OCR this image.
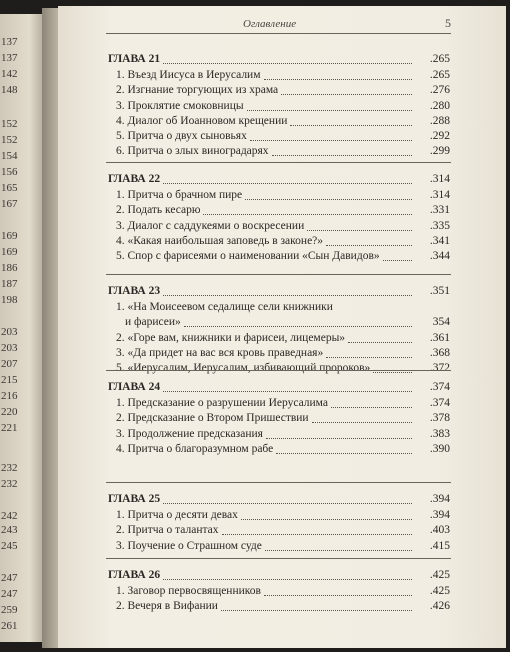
137
137
142
148
152
152
154
156
165
167
169
169
186
187
198
203
203
207
215
216
220
221
232
232
242
243
245
247
247
259
261
Оглавление	5
ГЛАВА 21	.265
1. Въезд Иисуса в Иерусалим	.265
2. Изгнание торгующих из храма	.276
3. Проклятие смоковницы	.280
4. Диалог об Иоанновом крещении	.288
5. Притча о двух сыновьях	.292
6. Притча о злых виноградарях	.299
ГЛАВА 22	.314
1. Притча о брачном пире	.314
2. Подать кесарю	.331
3. Диалог с саддукеями о воскресении	.335
4. «Какая наибольшая заповедь в законе?»	.341
5. Спор с фарисеями о наименовании «Сын Давидов»	.344
ГЛАВА 23	.351
1. «На Моисеевом седалище сели книжники
и фарисеи»	354
2. «Горе вам, книжники и фарисеи, лицемеры»	.361
3. «Да придет на вас вся кровь праведная»	.368
5. «Иерусалим, Иерусалим, избивающий пророков»	.372
ГЛАВА 24	.374
1. Предсказание о разрушении Иерусалима	.374
2. Предсказание о Втором Пришествии	.378
3. Продолжение предсказания	.383
4. Притча о благоразумном рабе	.390
ГЛАВА 25	.394
1. Притча о десяти девах	.394
2. Притча о талантах	.403
3. Поучение о Страшном суде	.415
ГЛАВА 26	.425
1. Заговор первосвященников	.425
2. Вечеря в Вифании	.426
